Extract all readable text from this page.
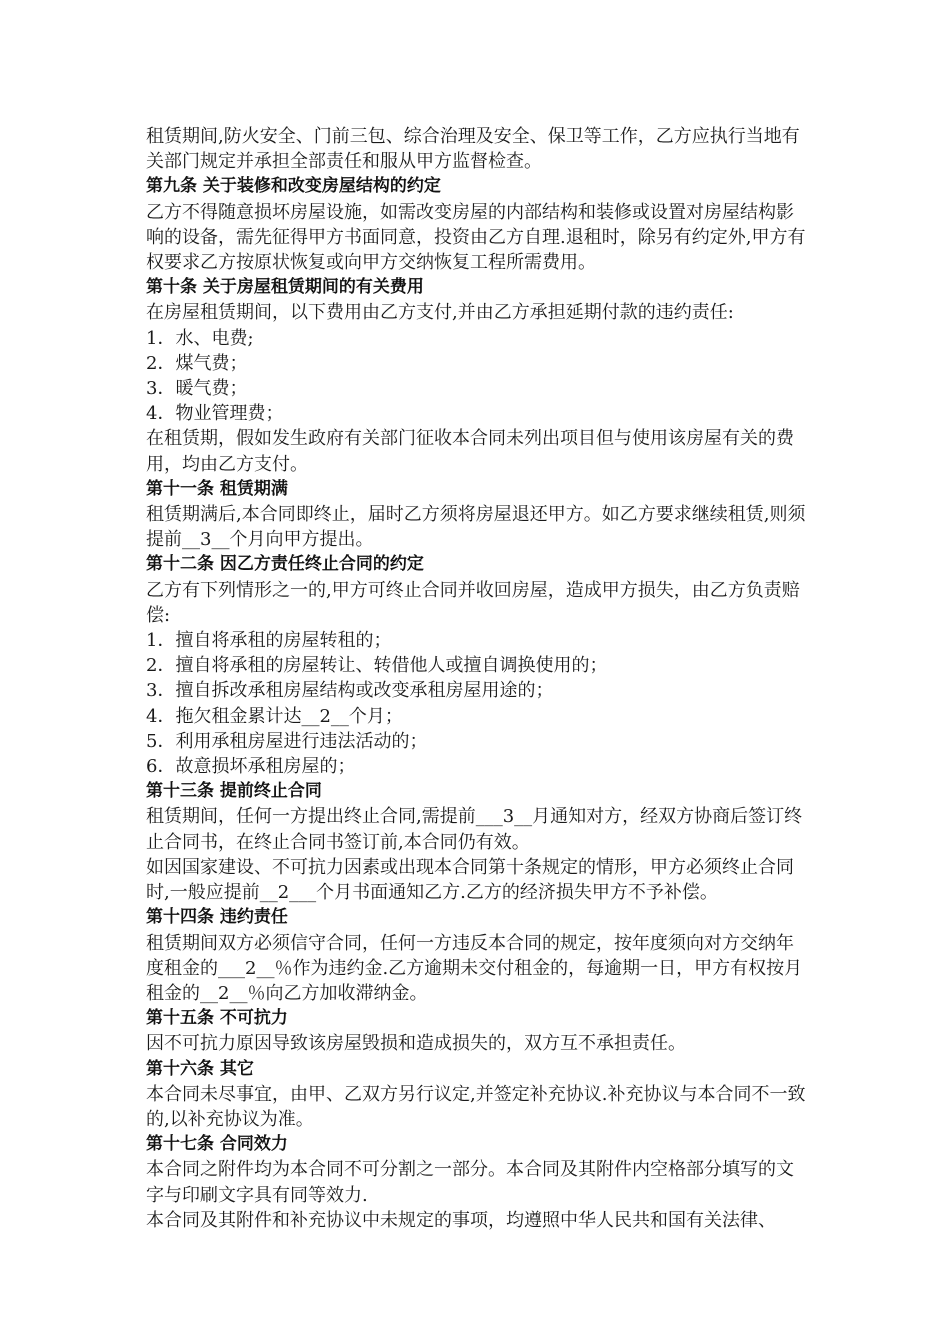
租赁期间,防火安全、门前三包、综合治理及安全、保卫等工作，乙方应执行当地有关部门规定并承担全部责任和服从甲方监督检查。
第九条 关于装修和改变房屋结构的约定
乙方不得随意损坏房屋设施，如需改变房屋的内部结构和装修或设置对房屋结构影响的设备，需先征得甲方书面同意，投资由乙方自理.退租时，除另有约定外,甲方有权要求乙方按原状恢复或向甲方交纳恢复工程所需费用。
第十条 关于房屋租赁期间的有关费用
在房屋租赁期间，以下费用由乙方支付,并由乙方承担延期付款的违约责任:
1．水、电费;
2．煤气费；
3．暖气费；
4．物业管理费；
在租赁期，假如发生政府有关部门征收本合同未列出项目但与使用该房屋有关的费用，均由乙方支付。
第十一条 租赁期满
租赁期满后,本合同即终止，届时乙方须将房屋退还甲方。如乙方要求继续租赁,则须提前__3__个月向甲方提出。
第十二条 因乙方责任终止合同的约定
乙方有下列情形之一的,甲方可终止合同并收回房屋，造成甲方损失，由乙方负责赔偿:
1．擅自将承租的房屋转租的；
2．擅自将承租的房屋转让、转借他人或擅自调换使用的；
3．擅自拆改承租房屋结构或改变承租房屋用途的；
4．拖欠租金累计达__2__个月；
5．利用承租房屋进行违法活动的；
6．故意损坏承租房屋的；
第十三条 提前终止合同
租赁期间，任何一方提出终止合同,需提前___3__月通知对方，经双方协商后签订终止合同书，在终止合同书签订前,本合同仍有效。
如因国家建设、不可抗力因素或出现本合同第十条规定的情形，甲方必须终止合同时,一般应提前__2___个月书面通知乙方.乙方的经济损失甲方不予补偿。
第十四条 违约责任
租赁期间双方必须信守合同，任何一方违反本合同的规定，按年度须向对方交纳年度租金的___2__％作为违约金.乙方逾期未交付租金的，每逾期一日，甲方有权按月租金的__2__％向乙方加收滞纳金。
第十五条 不可抗力
因不可抗力原因导致该房屋毁损和造成损失的，双方互不承担责任。
第十六条 其它
本合同未尽事宜，由甲、乙双方另行议定,并签定补充协议.补充协议与本合同不一致的,以补充协议为准。
第十七条 合同效力
本合同之附件均为本合同不可分割之一部分。本合同及其附件内空格部分填写的文字与印刷文字具有同等效力.
本合同及其附件和补充协议中未规定的事项，均遵照中华人民共和国有关法律、
